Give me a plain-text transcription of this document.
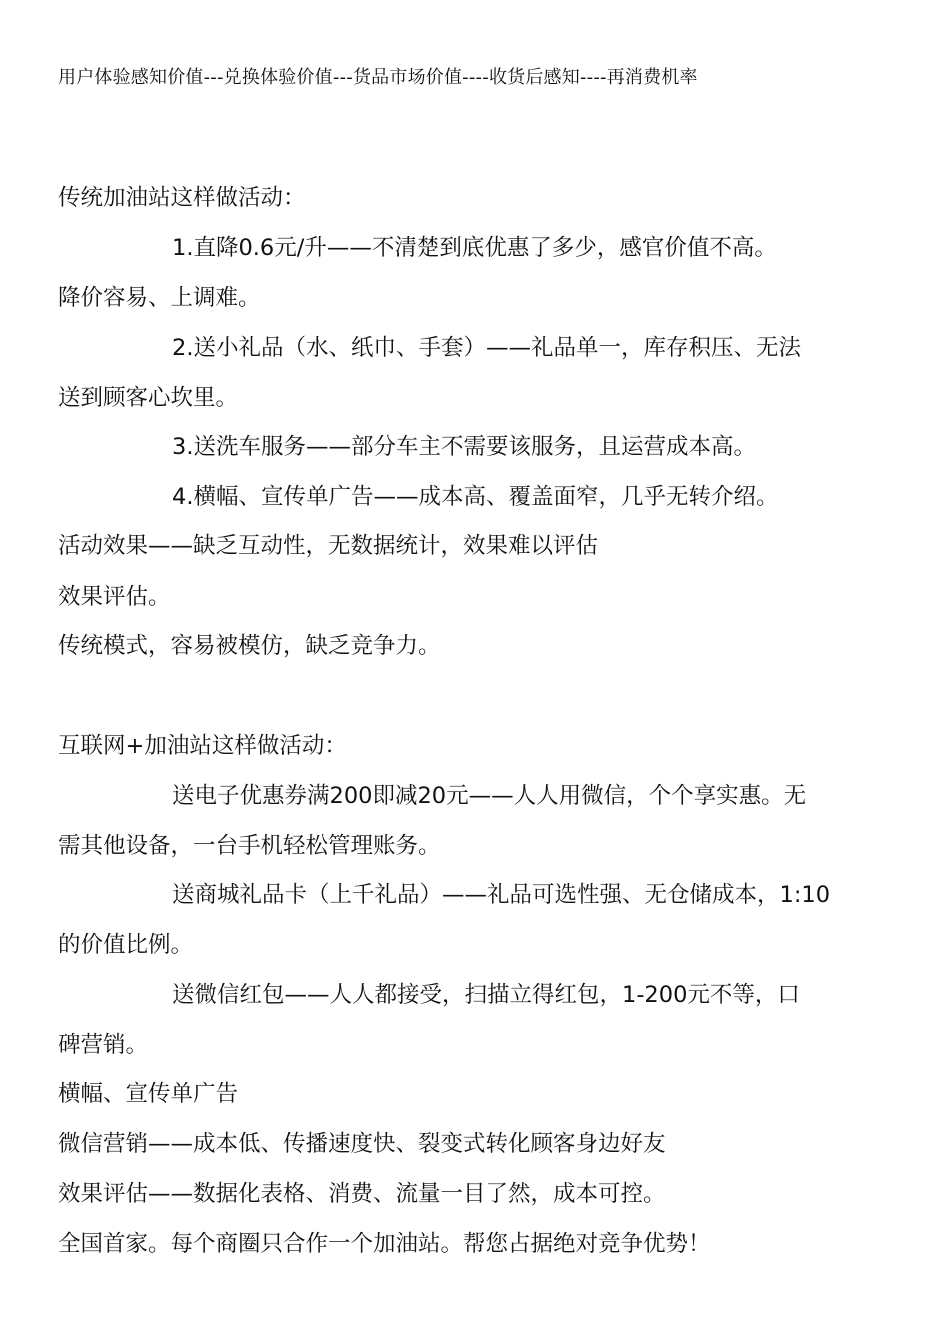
用户体验感知价值---兑换体验价值---货品市场价值----收货后感知----再消费机率
传统加油站这样做活动：
1.直降0.6元/升——不清楚到底优惠了多少，感官价值不高。
降价容易、上调难。
2.送小礼品（水、纸巾、手套）——礼品单一，库存积压、无法
送到顾客心坎里。
3.送洗车服务——部分车主不需要该服务，且运营成本高。
4.横幅、宣传单广告——成本高、覆盖面窄，几乎无转介绍。
活动效果——缺乏互动性，无数据统计，效果难以评估
效果评估。
传统模式，容易被模仿，缺乏竞争力。
互联网+加油站这样做活动：
送电子优惠券满200即减20元——人人用微信，个个享实惠。无
需其他设备，一台手机轻松管理账务。
送商城礼品卡（上千礼品）——礼品可选性强、无仓储成本，1:10
的价值比例。
送微信红包——人人都接受，扫描立得红包，1-200元不等，口
碑营销。
横幅、宣传单广告
微信营销——成本低、传播速度快、裂变式转化顾客身边好友
效果评估——数据化表格、消费、流量一目了然，成本可控。
全国首家。每个商圈只合作一个加油站。帮您占据绝对竞争优势！
